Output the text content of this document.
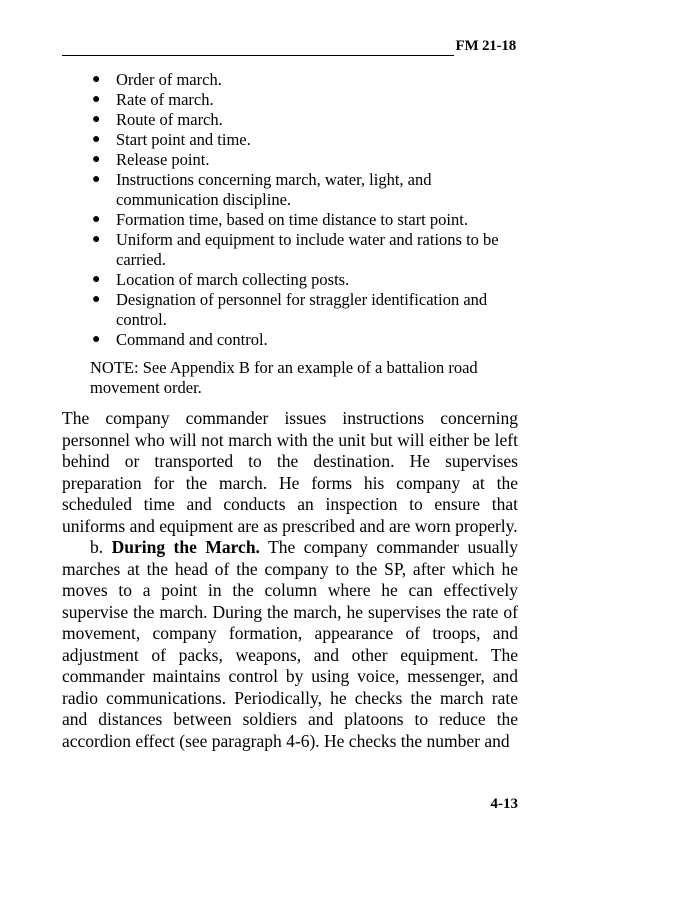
FM 21-18
● Order of march.
● Rate of march.
● Route of march.
● Start point and time.
● Release point.
● Instructions concerning march, water, light, and communication discipline.
● Formation time, based on time distance to start point.
● Uniform and equipment to include water and rations to be carried.
● Location of march collecting posts.
● Designation of personnel for straggler identification and control.
● Command and control.
NOTE: See Appendix B for an example of a battalion road movement order.

The company commander issues instructions concerning personnel who will not march with the unit but will either be left behind or transported to the destination. He supervises preparation for the march. He forms his company at the scheduled time and conducts an inspection to ensure that uniforms and equipment are as prescribed and are worn properly.

b. During the March. The company commander usually marches at the head of the company to the SP, after which he moves to a point in the column where he can effectively supervise the march. During the march, he supervises the rate of movement, company formation, appearance of troops, and adjustment of packs, weapons, and other equipment. The commander maintains control by using voice, messenger, and radio communications. Periodically, he checks the march rate and distances between soldiers and platoons to reduce the accordion effect (see paragraph 4-6). He checks the number and

4-13
